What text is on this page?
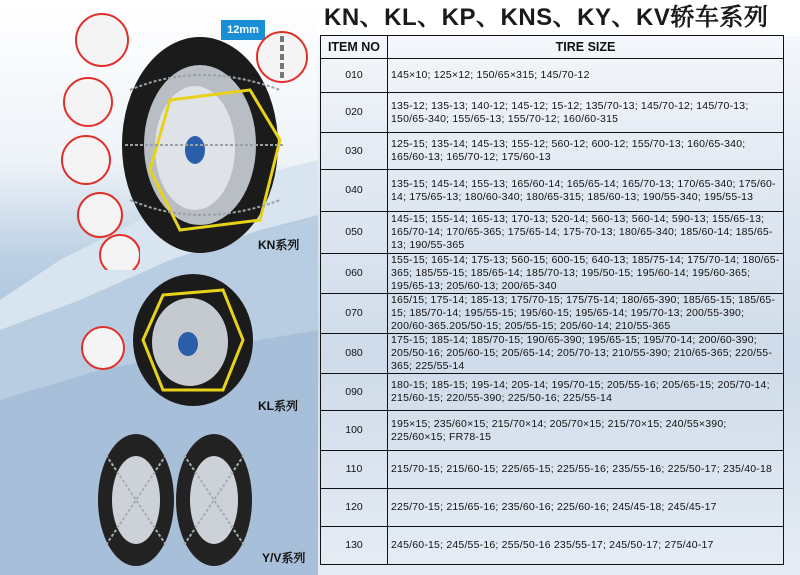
12mm
KN系列
KL系列
Y/V系列
KN、KL、KP、KNS、KY、KV轿车系列
ITEM NO	TIRE SIZE
010	145×10; 125×12; 150/65×315; 145/70-12
020	135-12; 135-13; 140-12; 145-12; 15-12; 135/70-13; 145/70-12; 145/70-13; 150/65-340; 155/65-13; 155/70-12; 160/60-315
030	125-15; 135-14; 145-13; 155-12; 560-12; 600-12; 155/70-13; 160/65-340; 165/60-13; 165/70-12; 175/60-13
040	135-15; 145-14; 155-13; 165/60-14; 165/65-14; 165/70-13; 170/65-340; 175/60-14; 175/65-13; 180/60-340; 180/65-315; 185/60-13; 190/55-340; 195/55-13
050	145-15; 155-14; 165-13; 170-13; 520-14; 560-13; 560-14; 590-13; 155/65-13; 165/70-14; 170/65-365; 175/65-14; 175-70-13; 180/65-340; 185/60-14; 185/65-13; 190/55-365
060	155-15; 165-14; 175-13; 560-15; 600-15; 640-13; 185/75-14; 175/70-14; 180/65-365; 185/55-15; 185/65-14; 185/70-13; 195/50-15; 195/60-14; 195/60-365; 195/65-13; 205/60-13; 200/65-340
070	165/15; 175-14; 185-13; 175/70-15; 175/75-14; 180/65-390; 185/65-15; 185/65-15; 185/70-14; 195/55-15; 195/60-15; 195/65-14; 195/70-13; 200/55-390; 200/60-365.205/50-15; 205/55-15; 205/60-14; 210/55-365
080	175-15; 185-14; 185/70-15; 190/65-390; 195/65-15; 195/70-14; 200/60-390; 205/50-16; 205/60-15; 205/65-14; 205/70-13; 210/55-390; 210/65-365; 220/55-365; 225/55-14
090	180-15; 185-15; 195-14; 205-14; 195/70-15; 205/55-16; 205/65-15; 205/70-14; 215/60-15; 220/55-390; 225/50-16; 225/55-14
100	195×15; 235/60×15; 215/70×14; 205/70×15; 215/70×15; 240/55×390; 225/60×15; FR78-15
110	215/70-15; 215/60-15; 225/65-15; 225/55-16; 235/55-16; 225/50-17; 235/40-18
120	225/70-15; 215/65-16; 235/60-16; 225/60-16; 245/45-18; 245/45-17
130	245/60-15; 245/55-16; 255/50-16 235/55-17; 245/50-17; 275/40-17
